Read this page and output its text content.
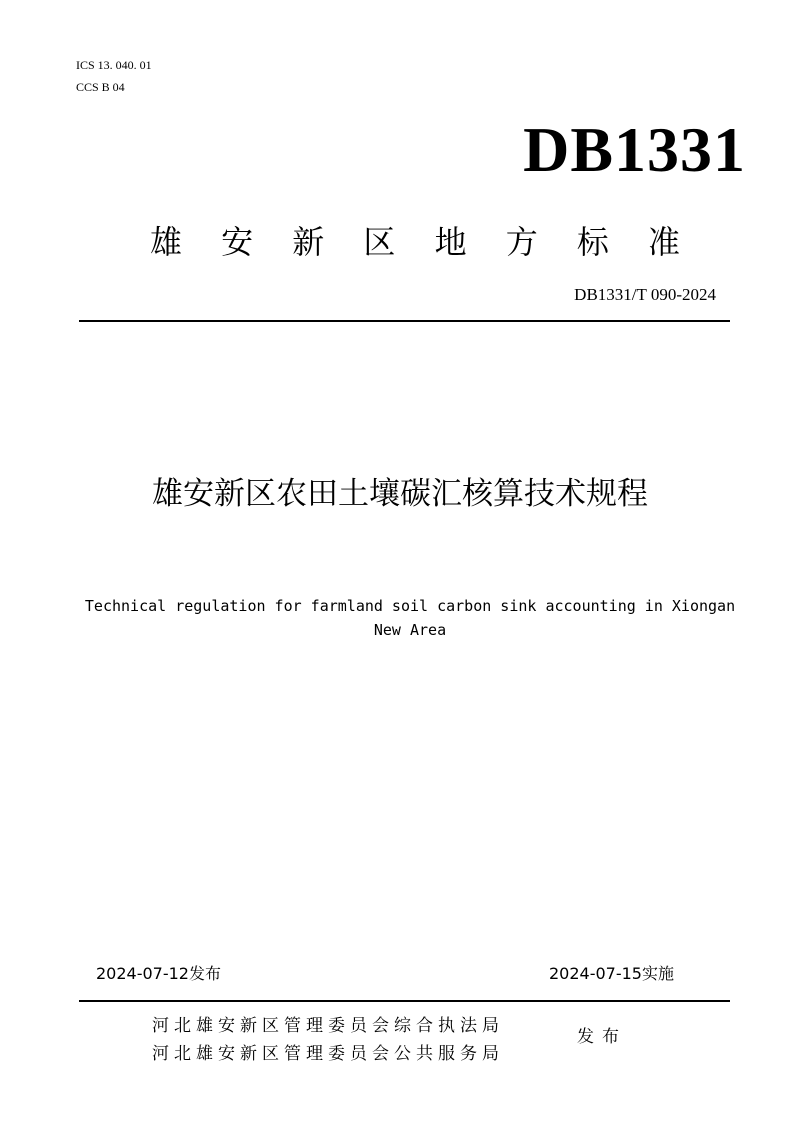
ICS 13. 040. 01
CCS B 04
DB1331
雄 安 新 区 地 方 标 准
DB1331/T 090-2024
雄安新区农田土壤碳汇核算技术规程
Technical regulation for farmland soil carbon sink accounting in Xiongan
New Area
2024-07-12发布	2024-07-15实施
河北雄安新区管理委员会综合执法局
河北雄安新区管理委员会公共服务局
发布
